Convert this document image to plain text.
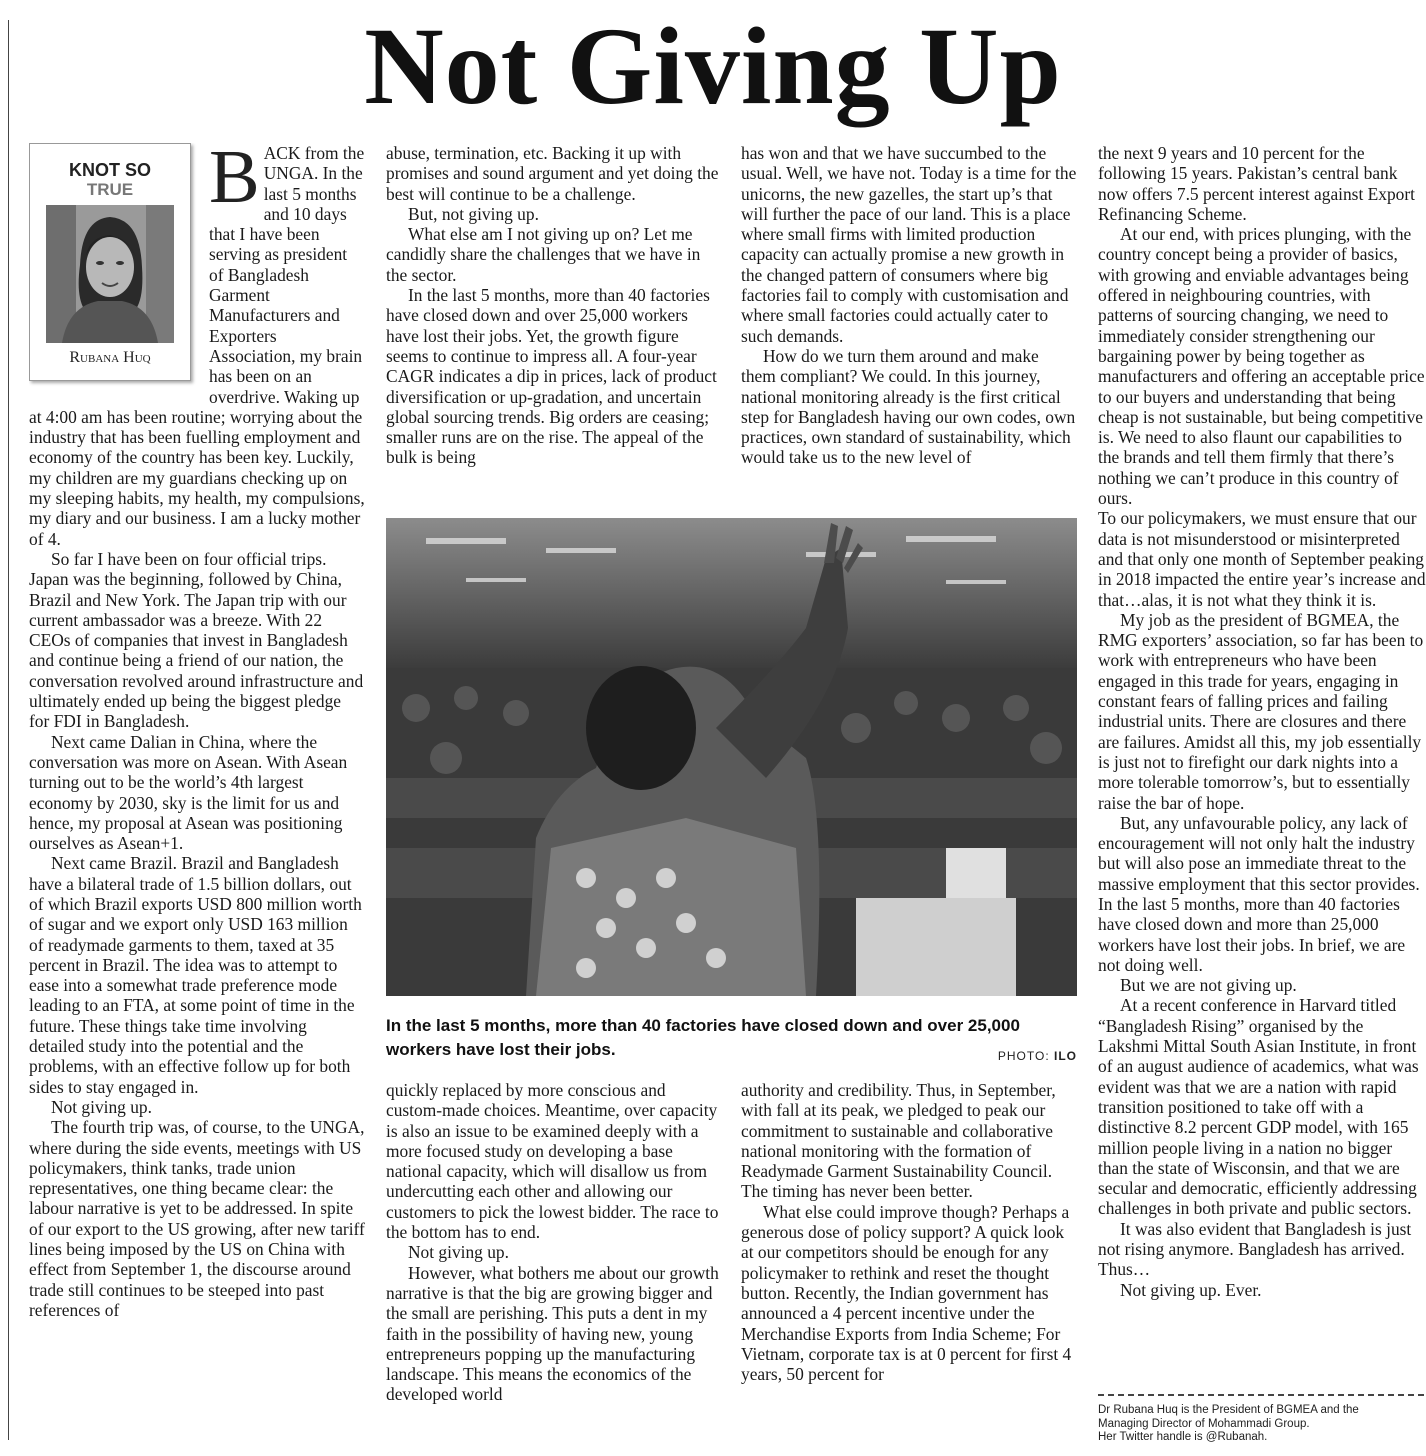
Not Giving Up
KNOT SO
TRUE
Rubana Huq

BACK from the UNGA. In the last 5 months and 10 days that I have been serving as president of Bangladesh Garment Manufacturers and Exporters Association, my brain has been on an overdrive. Waking up at 4:00 am has been routine; worrying about the industry that has been fuelling employment and economy of the country has been key. Luckily, my children are my guardians checking up on my sleeping habits, my health, my compulsions, my diary and our business. I am a lucky mother of 4.

So far I have been on four official trips. Japan was the beginning, followed by China, Brazil and New York. The Japan trip with our current ambassador was a breeze. With 22 CEOs of companies that invest in Bangladesh and continue being a friend of our nation, the conversation revolved around infrastructure and ultimately ended up being the biggest pledge for FDI in Bangladesh.

Next came Dalian in China, where the conversation was more on Asean. With Asean turning out to be the world’s 4th largest economy by 2030, sky is the limit for us and hence, my proposal at Asean was positioning ourselves as Asean+1.

Next came Brazil. Brazil and Bangladesh have a bilateral trade of 1.5 billion dollars, out of which Brazil exports USD 800 million worth of sugar and we export only USD 163 million of readymade garments to them, taxed at 35 percent in Brazil. The idea was to attempt to ease into a somewhat trade preference mode leading to an FTA, at some point of time in the future. These things take time involving detailed study into the potential and the problems, with an effective follow up for both sides to stay engaged in.

Not giving up.

The fourth trip was, of course, to the UNGA, where during the side events, meetings with US policymakers, think tanks, trade union representatives, one thing became clear: the labour narrative is yet to be addressed. In spite of our export to the US growing, after new tariff lines being imposed by the US on China with effect from September 1, the discourse around trade still continues to be steeped into past references of

abuse, termination, etc. Backing it up with promises and sound argument and yet doing the best will continue to be a challenge.

But, not giving up.

What else am I not giving up on? Let me candidly share the challenges that we have in the sector.

In the last 5 months, more than 40 factories have closed down and over 25,000 workers have lost their jobs. Yet, the growth figure seems to continue to impress all. A four-year CAGR indicates a dip in prices, lack of product diversification or up-gradation, and uncertain global sourcing trends. Big orders are ceasing; smaller runs are on the rise. The appeal of the bulk is being

has won and that we have succumbed to the usual. Well, we have not. Today is a time for the unicorns, the new gazelles, the start up’s that will further the pace of our land. This is a place where small firms with limited production capacity can actually promise a new growth in the changed pattern of consumers where big factories fail to comply with customisation and where small factories could actually cater to such demands.

How do we turn them around and make them compliant? We could. In this journey, national monitoring already is the first critical step for Bangladesh having our own codes, own practices, own standard of sustainability, which would take us to the new level of

In the last 5 months, more than 40 factories have closed down and over 25,000 workers have lost their jobs.	PHOTO: ILO

the next 9 years and 10 percent for the following 15 years. Pakistan’s central bank now offers 7.5 percent interest against Export Refinancing Scheme.

At our end, with prices plunging, with the country concept being a provider of basics, with growing and enviable advantages being offered in neighbouring countries, with patterns of sourcing changing, we need to immediately consider strengthening our bargaining power by being together as manufacturers and offering an acceptable price to our buyers and understanding that being cheap is not sustainable, but being competitive is. We need to also flaunt our capabilities to the brands and tell them firmly that there’s nothing we can’t produce in this country of ours.

To our policymakers, we must ensure that our data is not misunderstood or misinterpreted and that only one month of September peaking in 2018 impacted the entire year’s increase and that…alas, it is not what they think it is.

My job as the president of BGMEA, the RMG exporters’ association, so far has been to work with entrepreneurs who have been engaged in this trade for years, engaging in constant fears of falling prices and failing industrial units. There are closures and there are failures. Amidst all this, my job essentially is just not to firefight our dark nights into a more tolerable tomorrow’s, but to essentially raise the bar of hope.

But, any unfavourable policy, any lack of encouragement will not only halt the industry but will also pose an immediate threat to the massive employment that this sector provides. In the last 5 months, more than 40 factories have closed down and more than 25,000 workers have lost their jobs. In brief, we are not doing well.

But we are not giving up.

At a recent conference in Harvard titled “Bangladesh Rising” organised by the Lakshmi Mittal South Asian Institute, in front of an august audience of academics, what was evident was that we are a nation with rapid transition positioned to take off with a distinctive 8.2 percent GDP model, with 165 million people living in a nation no bigger than the state of Wisconsin, and that we are secular and democratic, efficiently addressing challenges in both private and public sectors.

It was also evident that Bangladesh is just not rising anymore. Bangladesh has arrived. Thus…

Not giving up. Ever.

quickly replaced by more conscious and custom-made choices. Meantime, over capacity is also an issue to be examined deeply with a more focused study on developing a base national capacity, which will disallow us from undercutting each other and allowing our customers to pick the lowest bidder. The race to the bottom has to end.

Not giving up.

However, what bothers me about our growth narrative is that the big are growing bigger and the small are perishing. This puts a dent in my faith in the possibility of having new, young entrepreneurs popping up the manufacturing landscape. This means the economics of the developed world

authority and credibility. Thus, in September, with fall at its peak, we pledged to peak our commitment to sustainable and collaborative national monitoring with the formation of Readymade Garment Sustainability Council. The timing has never been better.

What else could improve though? Perhaps a generous dose of policy support? A quick look at our competitors should be enough for any policymaker to rethink and reset the thought button. Recently, the Indian government has announced a 4 percent incentive under the Merchandise Exports from India Scheme; For Vietnam, corporate tax is at 0 percent for first 4 years, 50 percent for

Dr Rubana Huq is the President of BGMEA and the
Managing Director of Mohammadi Group.
Her Twitter handle is @Rubanah.
